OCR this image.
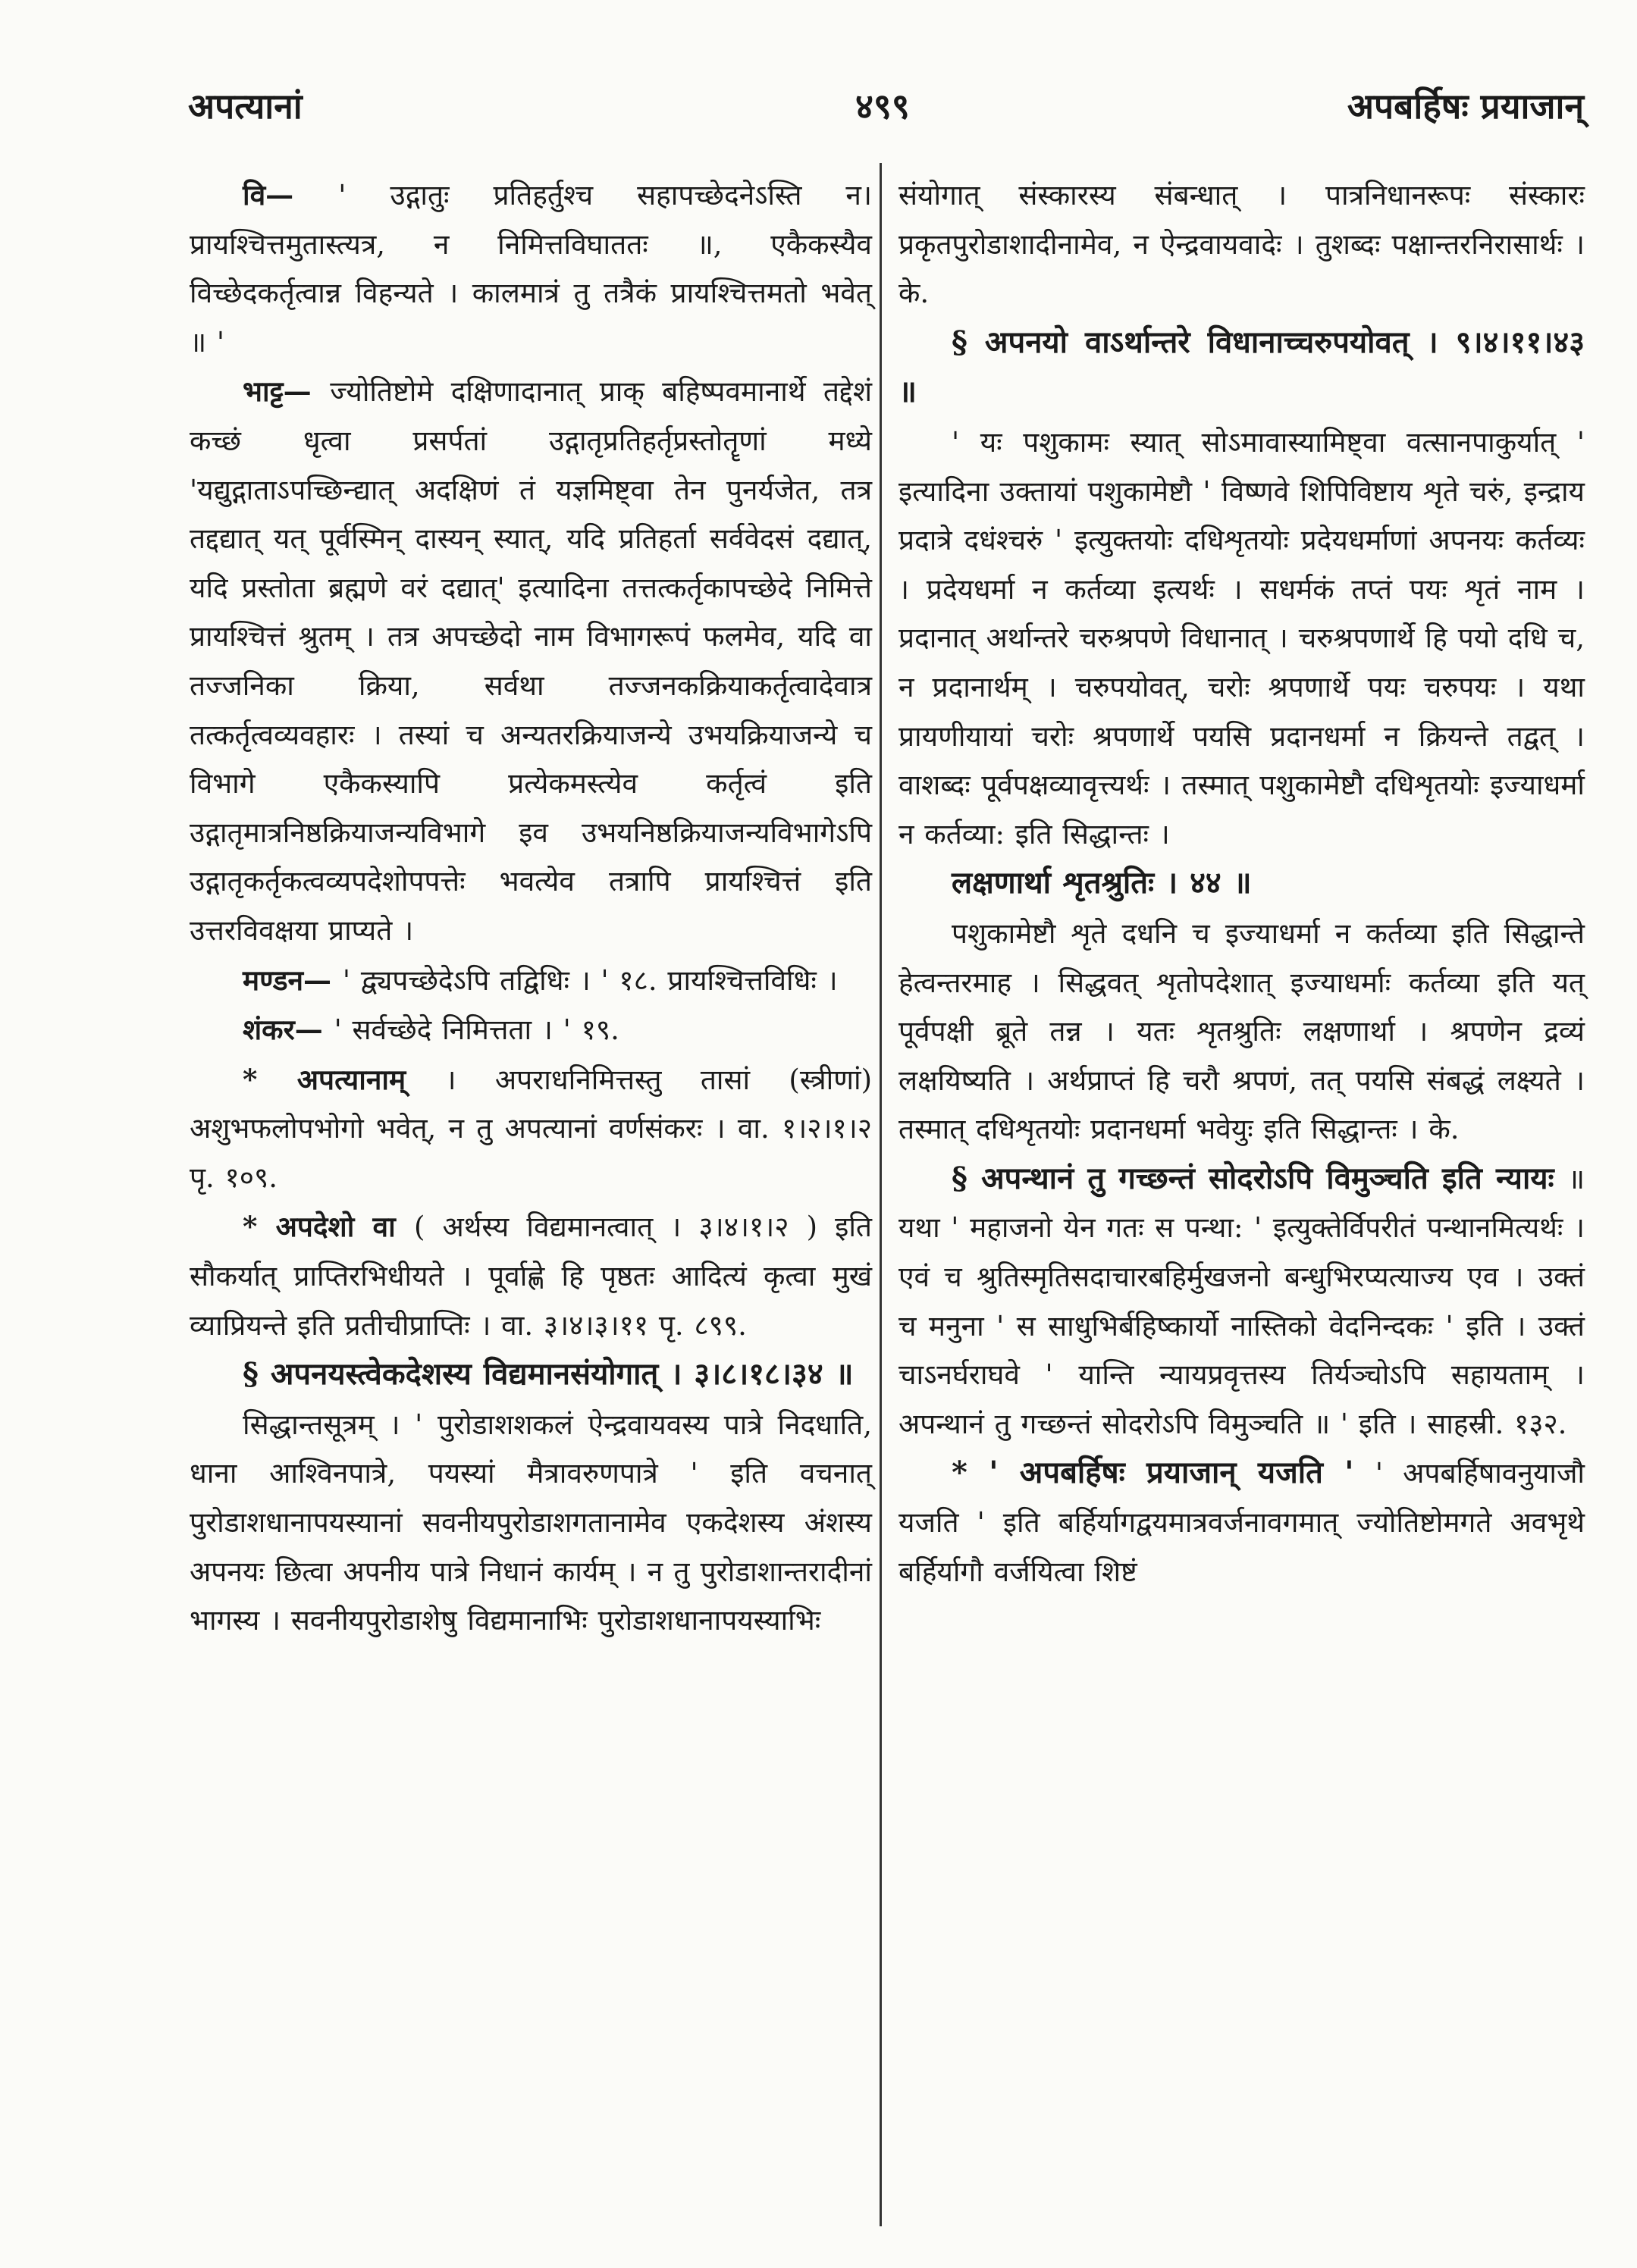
अपत्यानां	४९९	अपबर्हिषः प्रयाजान्

वि— ' उद्गातुः प्रतिहर्तुश्च सहापच्छेदनेऽस्ति न। प्रायश्चित्तमुतास्त्यत्र, न निमित्तविघाततः ॥, एकैकस्यैव विच्छेदकर्तृत्वान्न विहन्यते । कालमात्रं तु तत्रैकं प्रायश्चित्तमतो भवेत् ॥ '

भाट्ट— ज्योतिष्टोमे दक्षिणादानात् प्राक् बहिष्पवमानार्थे तद्देशं कच्छं धृत्वा प्रसर्पतां उद्गातृप्रतिहर्तृप्रस्तोतॄणां मध्ये 'यद्युद्गाताऽपच्छिन्द्यात् अदक्षिणं तं यज्ञमिष्ट्वा तेन पुनर्यजेत, तत्र तद्दद्यात् यत् पूर्वस्मिन् दास्यन् स्यात्, यदि प्रतिहर्ता सर्ववेदसं दद्यात्, यदि प्रस्तोता ब्रह्मणे वरं दद्यात्' इत्यादिना तत्तत्कर्तृकापच्छेदे निमित्ते प्रायश्चित्तं श्रुतम् । तत्र अपच्छेदो नाम विभागरूपं फलमेव, यदि वा तज्जनिका क्रिया, सर्वथा तज्जनकक्रियाकर्तृत्वादेवात्र तत्कर्तृत्वव्यवहारः । तस्यां च अन्यतरक्रियाजन्ये उभयक्रियाजन्ये च विभागे एकैकस्यापि प्रत्येकमस्त्येव कर्तृत्वं इति उद्गातृमात्रनिष्ठक्रियाजन्यविभागे इव उभयनिष्ठक्रियाजन्यविभागेऽपि उद्गातृकर्तृकत्वव्यपदेशोपपत्तेः भवत्येव तत्रापि प्रायश्चित्तं इति उत्तरविवक्षया प्राप्यते ।

मण्डन— ' द्व्यपच्छेदेऽपि तद्विधिः । ' १८. प्रायश्चित्तविधिः ।

शंकर— ' सर्वच्छेदे निमित्तता । ' १९.

* अपत्यानाम् । अपराधनिमित्तस्तु तासां (स्त्रीणां) अशुभफलोपभोगो भवेत्, न तु अपत्यानां वर्णसंकरः । वा. १।२।१।२ पृ. १०९.

* अपदेशो वा ( अर्थस्य विद्यमानत्वात् । ३।४।१।२ ) इति सौकर्यात् प्राप्तिरभिधीयते । पूर्वाह्णे हि पृष्ठतः आदित्यं कृत्वा मुखं व्याप्रियन्ते इति प्रतीचीप्राप्तिः । वा. ३।४।३।११ पृ. ८९९.

§ अपनयस्त्वेकदेशस्य विद्यमानसंयोगात् । ३।८।१८।३४ ॥

सिद्धान्तसूत्रम् । ' पुरोडाशशकलं ऐन्द्रवायवस्य पात्रे निदधाति, धाना आश्विनपात्रे, पयस्यां मैत्रावरुणपात्रे ' इति वचनात् पुरोडाशधानापयस्यानां सवनीयपुरोडाशगतानामेव एकदेशस्य अंशस्य अपनयः छित्वा अपनीय पात्रे निधानं कार्यम् । न तु पुरोडाशान्तरादीनां भागस्य । सवनीयपुरोडाशेषु विद्यमानाभिः पुरोडाशधानापयस्याभिः

संयोगात् संस्कारस्य संबन्धात् । पात्रनिधानरूपः संस्कारः प्रकृतपुरोडाशादीनामेव, न ऐन्द्रवायवादेः । तुशब्दः पक्षान्तरनिरासार्थः । के.

§ अपनयो वाऽर्थान्तरे विधानाच्चरुपयोवत् । ९।४।११।४३ ॥

' यः पशुकामः स्यात् सोऽमावास्यामिष्ट्वा वत्सानपाकुर्यात् ' इत्यादिना उक्तायां पशुकामेष्टौ ' विष्णवे शिपिविष्टाय शृते चरुं, इन्द्राय प्रदात्रे दधंश्चरुं ' इत्युक्तयोः दधिशृतयोः प्रदेयधर्माणां अपनयः कर्तव्यः । प्रदेयधर्मा न कर्तव्या इत्यर्थः । सधर्मकं तप्तं पयः शृतं नाम । प्रदानात् अर्थान्तरे चरुश्रपणे विधानात् । चरुश्रपणार्थे हि पयो दधि च, न प्रदानार्थम् । चरुपयोवत्, चरोः श्रपणार्थे पयः चरुपयः । यथा प्रायणीयायां चरोः श्रपणार्थे पयसि प्रदानधर्मा न क्रियन्ते तद्वत् । वाशब्दः पूर्वपक्षव्यावृत्त्यर्थः । तस्मात् पशुकामेष्टौ दधिशृतयोः इज्याधर्मा न कर्तव्या: इति सिद्धान्तः ।

लक्षणार्था शृतश्रुतिः । ४४ ॥

पशुकामेष्टौ शृते दधनि च इज्याधर्मा न कर्तव्या इति सिद्धान्ते हेत्वन्तरमाह । सिद्धवत् शृतोपदेशात् इज्याधर्माः कर्तव्या इति यत् पूर्वपक्षी ब्रूते तन्न । यतः शृतश्रुतिः लक्षणार्था । श्रपणेन द्रव्यं लक्षयिष्यति । अर्थप्राप्तं हि चरौ श्रपणं, तत् पयसि संबद्धं लक्ष्यते । तस्मात् दधिशृतयोः प्रदानधर्मा भवेयुः इति सिद्धान्तः । के.

§ अपन्थानं तु गच्छन्तं सोदरोऽपि विमुञ्चति इति न्यायः ॥ यथा ' महाजनो येन गतः स पन्था: ' इत्युक्तेर्विपरीतं पन्थानमित्यर्थः । एवं च श्रुतिस्मृतिसदाचारबहिर्मुखजनो बन्धुभिरप्यत्याज्य एव । उक्तं च मनुना ' स साधुभिर्बहिष्कार्यो नास्तिको वेदनिन्दकः ' इति । उक्तं चाऽनर्घराघवे ' यान्ति न्यायप्रवृत्तस्य तिर्यञ्चोऽपि सहायताम् । अपन्थानं तु गच्छन्तं सोदरोऽपि विमुञ्चति ॥ ' इति । साहस्री. १३२.

* ' अपबर्हिषः प्रयाजान् यजति ' ' अपबर्हिषावनुयाजौ यजति ' इति बर्हिर्यागद्वयमात्रवर्जनावगमात् ज्योतिष्टोमगते अवभृथे बर्हिर्यागौ वर्जयित्वा शिष्टं
